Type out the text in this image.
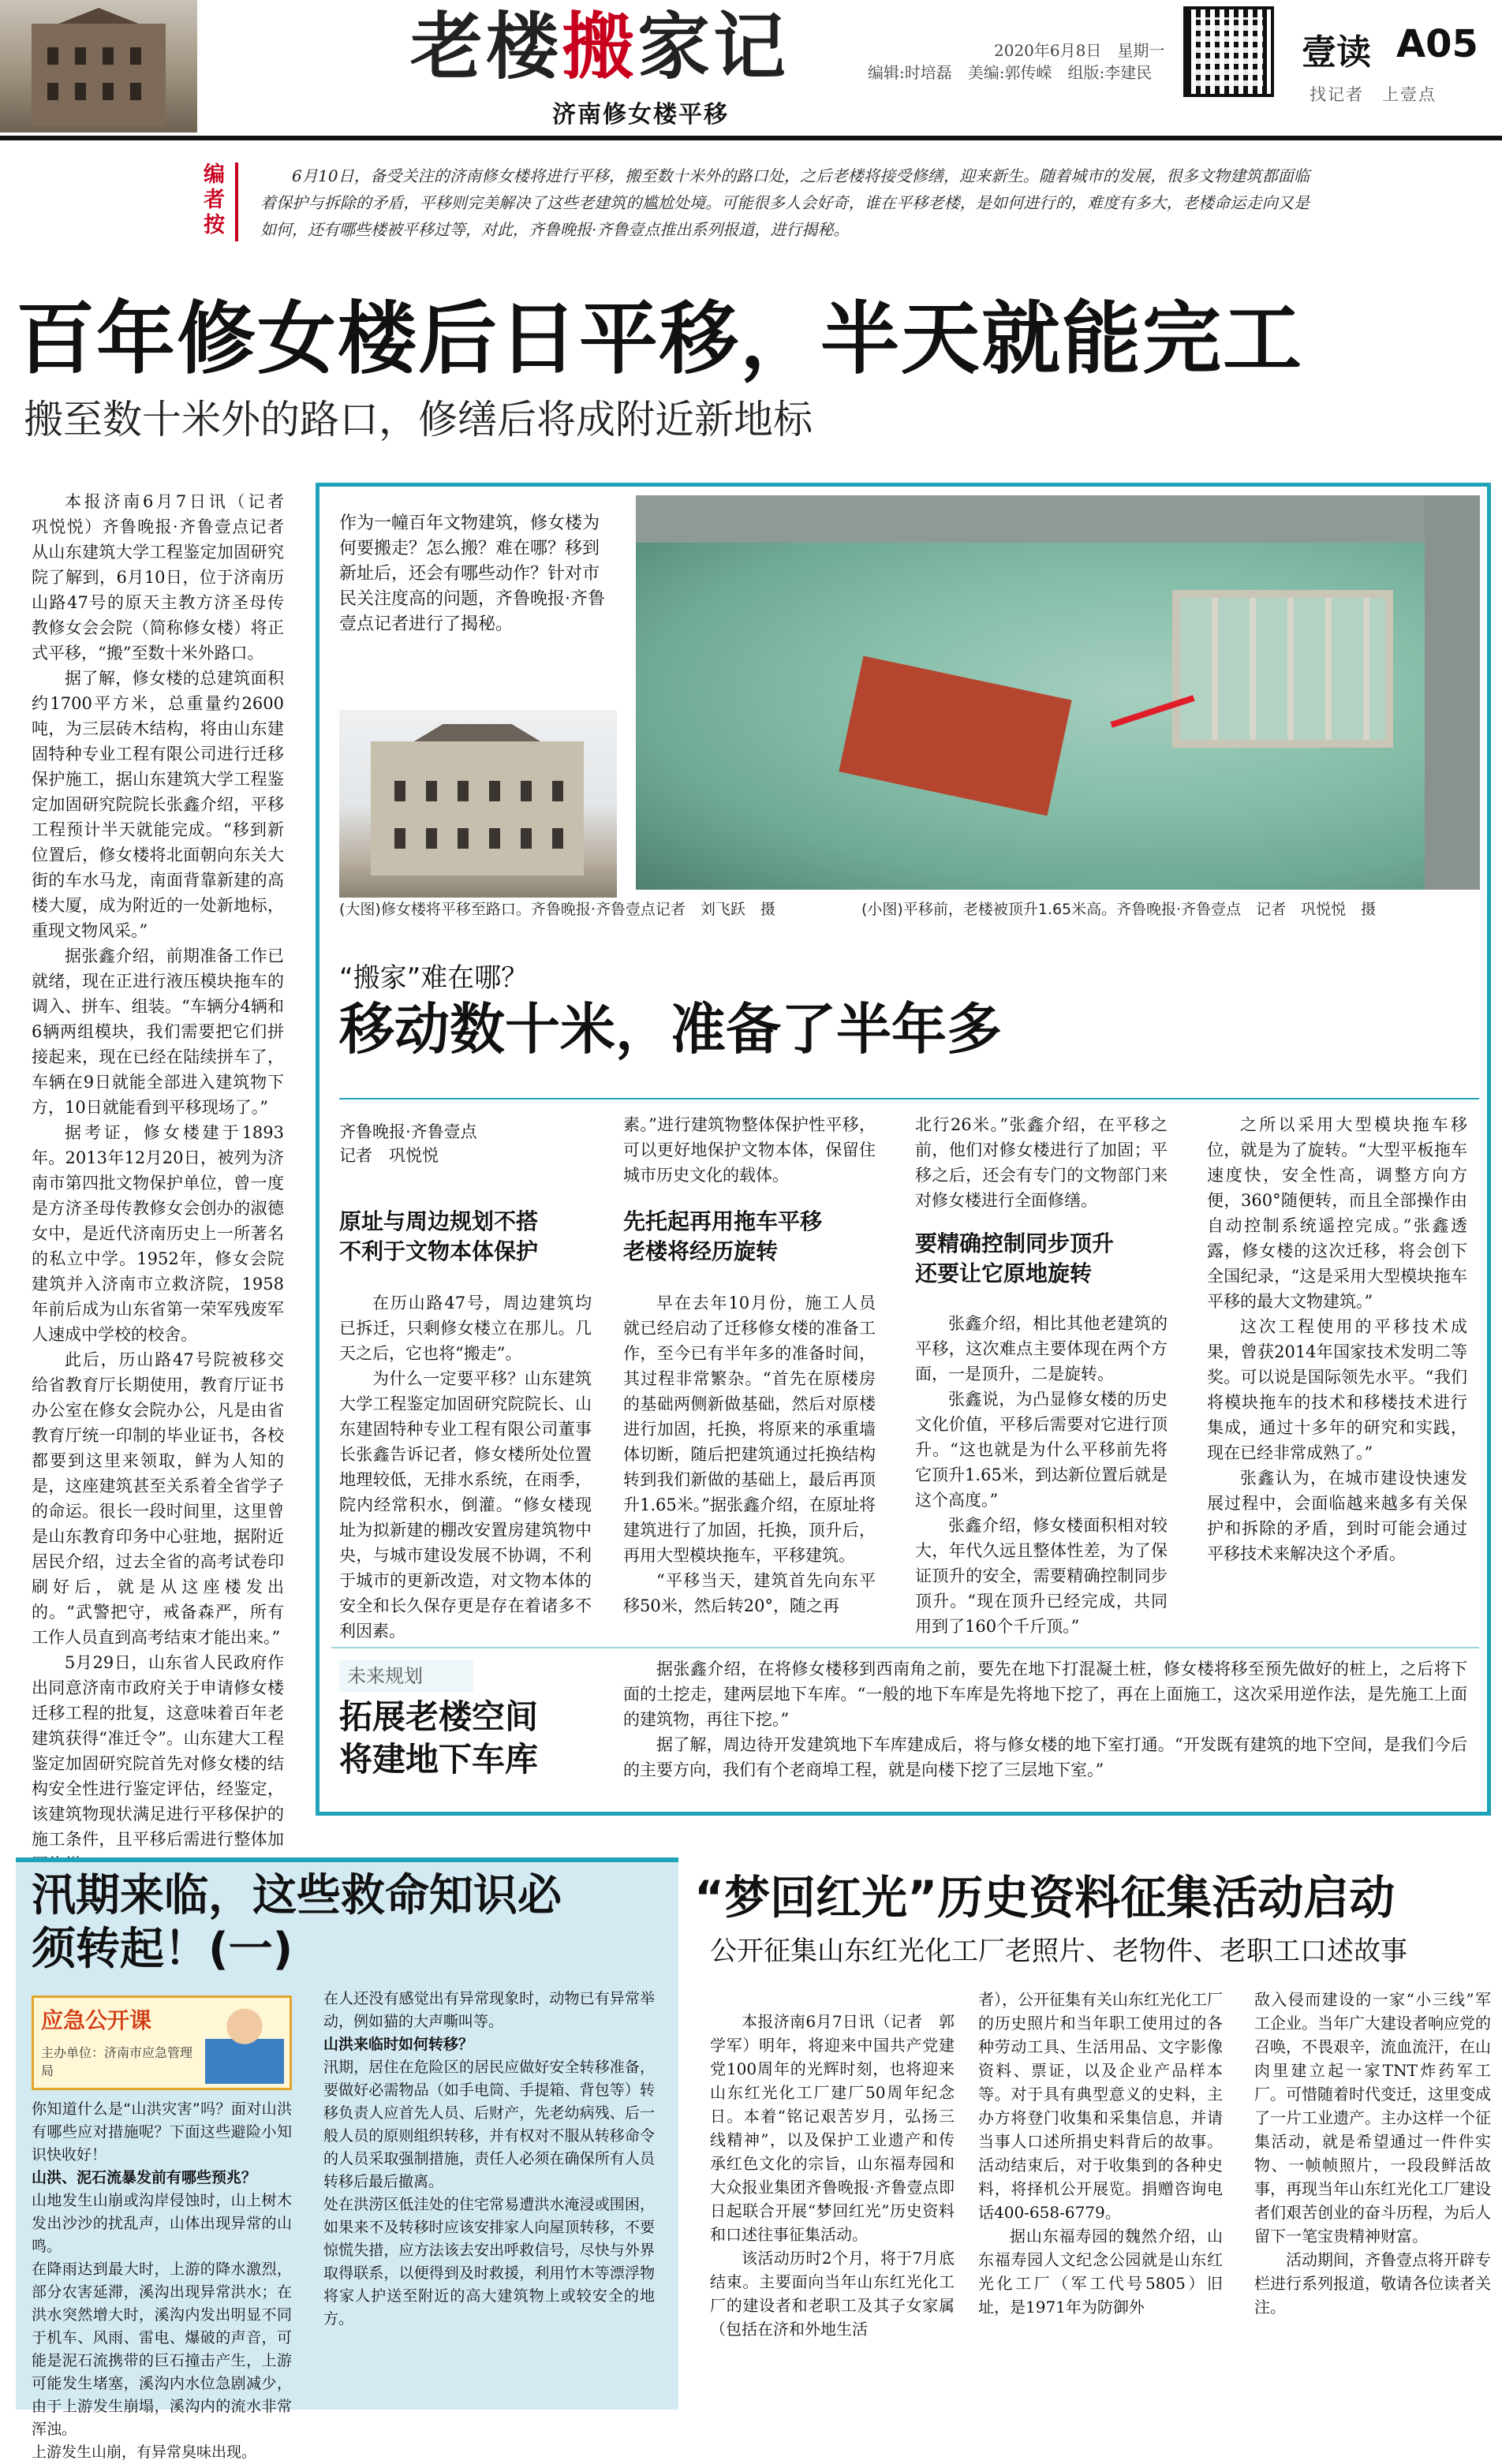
老楼搬家记
济南修女楼平移
2020年6月8日　星期一
编辑:时培磊　美编:郭传嵘　组版:李建民	壹读 A05
找记者　上壹点
编者按
6月10日，备受关注的济南修女楼将进行平移，搬至数十米外的路口处，之后老楼将接受修缮，迎来新生。随着城市的发展，很多文物建筑都面临着保护与拆除的矛盾，平移则完美解决了这些老建筑的尴尬处境。可能很多人会好奇，谁在平移老楼，是如何进行的，难度有多大，老楼命运走向又是如何，还有哪些楼被平移过等，对此，齐鲁晚报·齐鲁壹点推出系列报道，进行揭秘。
百年修女楼后日平移，半天就能完工
搬至数十米外的路口，修缮后将成附近新地标

本报济南6月7日讯（记者　巩悦悦）齐鲁晚报·齐鲁壹点记者从山东建筑大学工程鉴定加固研究院了解到，6月10日，位于济南历山路47号的原天主教方济圣母传教修女会会院（简称修女楼）将正式平移，“搬”至数十米外路口。

据了解，修女楼的总建筑面积约1700平方米，总重量约2600吨，为三层砖木结构，将由山东建固特种专业工程有限公司进行迁移保护施工，据山东建筑大学工程鉴定加固研究院院长张鑫介绍，平移工程预计半天就能完成。“移到新位置后，修女楼将北面朝向东关大街的车水马龙，南面背靠新建的高楼大厦，成为附近的一处新地标，重现文物风采。”

据张鑫介绍，前期准备工作已就绪，现在正进行液压模块拖车的调入、拼车、组装。“车辆分4辆和6辆两组模块，我们需要把它们拼接起来，现在已经在陆续拼车了，车辆在9日就能全部进入建筑物下方，10日就能看到平移现场了。”

据考证，修女楼建于1893年。2013年12月20日，被列为济南市第四批文物保护单位，曾一度是方济圣母传教修女会创办的淑德女中，是近代济南历史上一所著名的私立中学。1952年，修女会院建筑并入济南市立救济院，1958年前后成为山东省第一荣军残废军人速成中学校的校舍。

此后，历山路47号院被移交给省教育厅长期使用，教育厅证书办公室在修女会院办公，凡是由省教育厅统一印制的毕业证书，各校都要到这里来领取，鲜为人知的是，这座建筑甚至关系着全省学子的命运。很长一段时间里，这里曾是山东教育印务中心驻地，据附近居民介绍，过去全省的高考试卷印刷好后，就是从这座楼发出的。“武警把守，戒备森严，所有工作人员直到高考结束才能出来。”

5月29日，山东省人民政府作出同意济南市政府关于申请修女楼迁移工程的批复，这意味着百年老建筑获得“准迁令”。山东建大工程鉴定加固研究院首先对修女楼的结构安全性进行鉴定评估，经鉴定，该建筑物现状满足进行平移保护的施工条件，且平移后需进行整体加

作为一幢百年文物建筑，修女楼为何要搬走？怎么搬？难在哪？移到新址后，还会有哪些动作？针对市民关注度高的问题，齐鲁晚报·齐鲁壹点记者进行了揭秘。
(大图)修女楼将平移至路口。齐鲁晚报·齐鲁壹点记者　刘飞跃　摄	(小图)平移前，老楼被顶升1.65米高。齐鲁晚报·齐鲁壹点　记者　巩悦悦　摄
“搬家”难在哪？
移动数十米，准备了半年多
齐鲁晚报·齐鲁壹点
记者　巩悦悦
原址与周边规划不搭
不利于文物本体保护

在历山路47号，周边建筑均已拆迁，只剩修女楼立在那儿。几天之后，它也将“搬走”。

为什么一定要平移？山东建筑大学工程鉴定加固研究院院长、山东建固特种专业工程有限公司董事长张鑫告诉记者，修女楼所处位置地理较低，无排水系统，在雨季，院内经常积水，倒灌。“修女楼现址为拟新建的棚改安置房建筑物中央，与城市建设发展不协调，不利于城市的更新改造，对文物本体的安全和长久保存更是存在着诸多不利因素。

素。”进行建筑物整体保护性平移，可以更好地保护文物本体，保留住城市历史文化的载体。

先托起再用拖车平移
老楼将经历旋转

早在去年10月份，施工人员就已经启动了迁移修女楼的准备工作，至今已有半年多的准备时间，其过程非常繁杂。“首先在原楼房的基础两侧新做基础，然后对原楼进行加固，托换，将原来的承重墙体切断，随后把建筑通过托换结构转到我们新做的基础上，最后再顶升1.65米。”据张鑫介绍，在原址将建筑进行了加固，托换，顶升后，再用大型模块拖车，平移建筑。

“平移当天，建筑首先向东平移50米，然后转20°，随之再

北行26米。”张鑫介绍，在平移之前，他们对修女楼进行了加固；平移之后，还会有专门的文物部门来对修女楼进行全面修缮。

要精确控制同步顶升
还要让它原地旋转

张鑫介绍，相比其他老建筑的平移，这次难点主要体现在两个方面，一是顶升，二是旋转。

张鑫说，为凸显修女楼的历史文化价值，平移后需要对它进行顶升。“这也就是为什么平移前先将它顶升1.65米，到达新位置后就是这个高度。”

张鑫介绍，修女楼面积相对较大，年代久远且整体性差，为了保证顶升的安全，需要精确控制同步顶升。“现在顶升已经完成，共同用到了160个千斤顶。”

之所以采用大型模块拖车移位，就是为了旋转。“大型平板拖车速度快，安全性高，调整方向方便，360°随便转，而且全部操作由自动控制系统遥控完成。”张鑫透露，修女楼的这次迁移，将会创下全国纪录，“这是采用大型模块拖车平移的最大文物建筑。”

这次工程使用的平移技术成果，曾获2014年国家技术发明二等奖。可以说是国际领先水平。“我们将模块拖车的技术和移楼技术进行集成，通过十多年的研究和实践，现在已经非常成熟了。”

张鑫认为，在城市建设快速发展过程中，会面临越来越多有关保护和拆除的矛盾，到时可能会通过平移技术来解决这个矛盾。

未来规划
拓展老楼空间
将建地下车库

据张鑫介绍，在将修女楼移到西南角之前，要先在地下打混凝土桩，修女楼将移至预先做好的桩上，之后将下面的土挖走，建两层地下车库。“一般的地下车库是先将地下挖了，再在上面施工，这次采用逆作法，是先施工上面的建筑物，再往下挖。”

据了解，周边待开发建筑地下车库建成后，将与修女楼的地下室打通。“开发既有建筑的地下空间，是我们今后的主要方向，我们有个老商埠工程，就是向楼下挖了三层地下室。”

汛期来临，这些救命知识必须转起！(一)
应急公开课
主办单位：济南市应急管理局

你知道什么是“山洪灾害”吗？面对山洪有哪些应对措施呢？下面这些避险小知识快收好！

山洪、泥石流暴发前有哪些预兆？

山地发生山崩或沟岸侵蚀时，山上树木发出沙沙的扰乱声，山体出现异常的山鸣。

在降雨达到最大时，上游的降水激烈，部分农害延滞，溪沟出现异常洪水；在洪水突然增大时，溪沟内发出明显不同于机车、风雨、雷电、爆破的声音，可能是泥石流携带的巨石撞击产生，上游可能发生堵塞，溪沟内水位急剧减少，由于上游发生崩塌，溪沟内的流水非常浑浊。

上游发生山崩，有异常臭味出现。

在人还没有感觉出有异常现象时，动物已有异常举动，例如猫的大声嘶叫等。

山洪来临时如何转移？

汛期，居住在危险区的居民应做好安全转移准备，要做好必需物品（如手电筒、手提箱、背包等）转移负责人应首先人员、后财产，先老幼病残、后一般人员的原则组织转移，并有权对不服从转移命令的人员采取强制措施，责任人必须在确保所有人员转移后最后撤离。

处在洪涝区低洼处的住宅常易遭洪水淹浸或围困，如果来不及转移时应该安排家人向屋顶转移，不要惊慌失措，应方法该去安出呼救信号，尽快与外界取得联系，以便得到及时救援，利用竹木等漂浮物将家人护送至附近的高大建筑物上或较安全的地方。

“梦回红光”历史资料征集活动启动
公开征集山东红光化工厂老照片、老物件、老职工口述故事

本报济南6月7日讯（记者　郭学军）明年，将迎来中国共产党建党100周年的光辉时刻，也将迎来山东红光化工厂建厂50周年纪念日。本着“铭记艰苦岁月，弘扬三线精神”，以及保护工业遗产和传承红色文化的宗旨，山东福寿园和大众报业集团齐鲁晚报·齐鲁壹点即日起联合开展“梦回红光”历史资料和口述往事征集活动。

该活动历时2个月，将于7月底结束。主要面向当年山东红光化工厂的建设者和老职工及其子女家属（包括在济和外地生活

者），公开征集有关山东红光化工厂的历史照片和当年职工使用过的各种劳动工具、生活用品、文字影像资料、票证，以及企业产品样本等。对于具有典型意义的史料，主办方将登门收集和采集信息，并请当事人口述所捐史料背后的故事。活动结束后，对于收集到的各种史料，将择机公开展览。捐赠咨询电话400-658-6779。

据山东福寿园的魏然介绍，山东福寿园人文纪念公园就是山东红光化工厂（军工代号5805）旧址，是1971年为防御外

敌入侵而建设的一家“小三线”军工企业。当年广大建设者响应党的召唤，不畏艰辛，流血流汗，在山肉里建立起一家TNT炸药军工厂。可惜随着时代变迁，这里变成了一片工业遗产。主办这样一个征集活动，就是希望通过一件件实物、一帧帧照片，一段段鲜活故事，再现当年山东红光化工厂建设者们艰苦创业的奋斗历程，为后人留下一笔宝贵精神财富。

活动期间，齐鲁壹点将开辟专栏进行系列报道，敬请各位读者关注。
